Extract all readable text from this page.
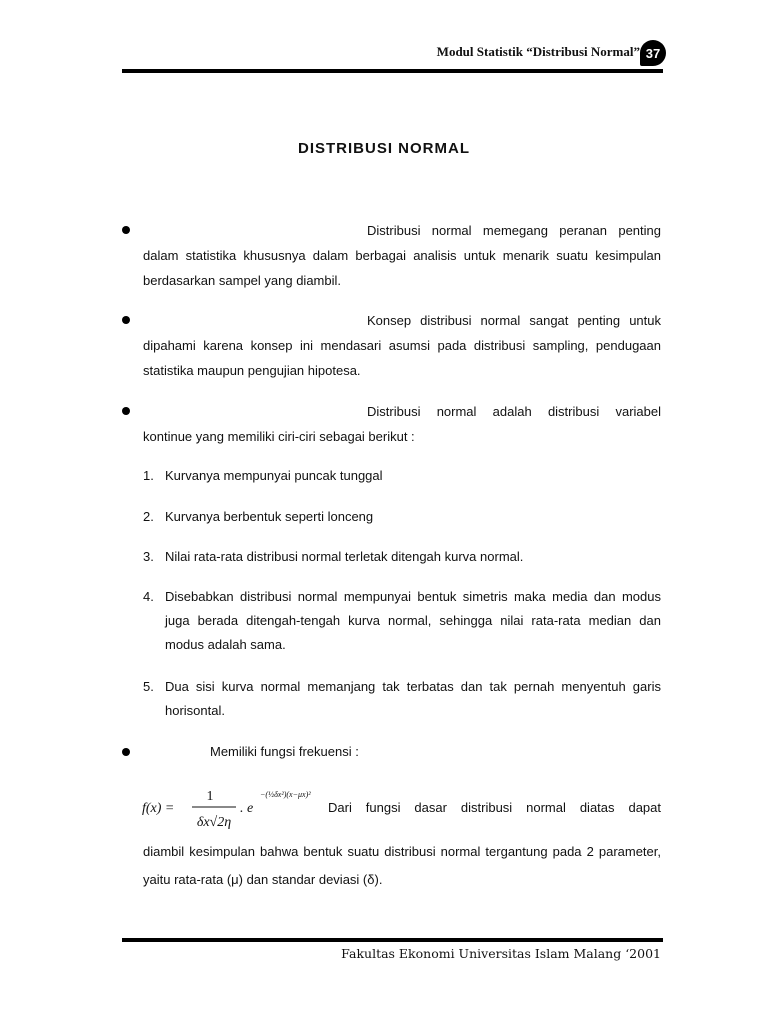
Modul Statistik “Distribusi Normal” 37
DISTRIBUSI NORMAL
Distribusi normal memegang peranan penting dalam statistika khususnya dalam berbagai analisis untuk menarik suatu kesimpulan berdasarkan sampel yang diambil.
Konsep distribusi normal sangat penting untuk dipahami karena konsep ini mendasari asumsi pada distribusi sampling, pendugaan statistika maupun pengujian hipotesa.
Distribusi normal adalah distribusi variabel kontinue yang memiliki ciri-ciri sebagai berikut :
1. Kurvanya mempunyai puncak tunggal
2. Kurvanya berbentuk seperti lonceng
3. Nilai rata-rata distribusi normal terletak ditengah kurva normal.
4. Disebabkan distribusi normal mempunyai bentuk simetris maka media dan modus juga berada ditengah-tengah kurva normal, sehingga nilai rata-rata median dan modus adalah sama.
5. Dua sisi kurva normal memanjang tak terbatas dan tak pernah menyentuh garis horisontal.
Memiliki fungsi frekuensi :
f(x) =
1
δx√2η
. e
−(½δx²)(x−μx)²
Dari fungsi dasar distribusi normal diatas dapat
diambil kesimpulan bahwa bentuk suatu distribusi normal tergantung pada 2 parameter, yaitu rata-rata (μ) dan standar deviasi (δ).
Fakultas Ekonomi Universitas Islam Malang ‘2001
